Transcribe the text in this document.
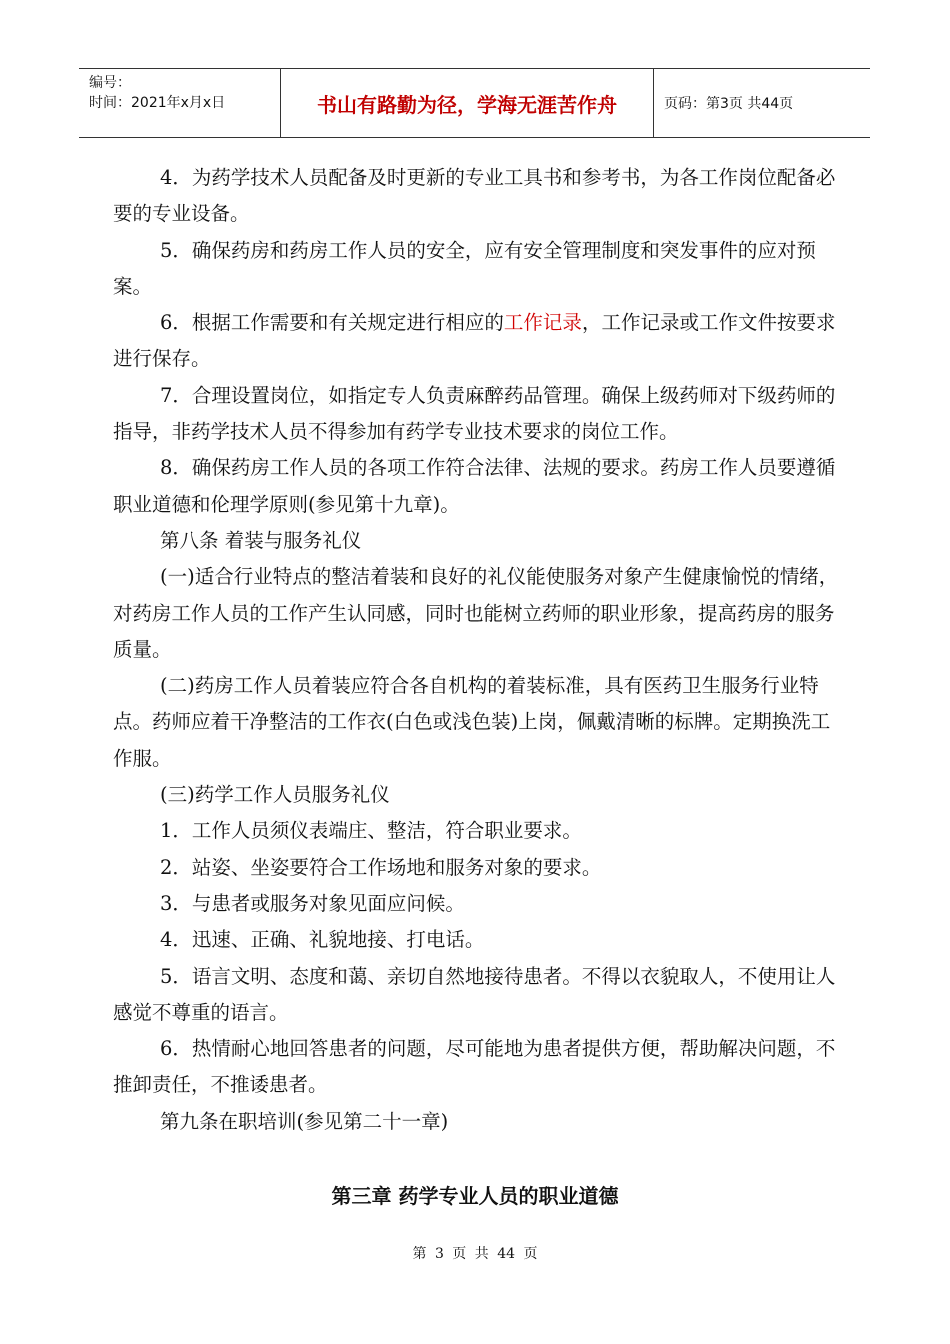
编号：
时间：2021年x月x日	书山有路勤为径，学海无涯苦作舟	页码：第3页 共44页

4．为药学技术人员配备及时更新的专业工具书和参考书，为各工作岗位配备必要的专业设备。

5．确保药房和药房工作人员的安全，应有安全管理制度和突发事件的应对预案。

6．根据工作需要和有关规定进行相应的工作记录，工作记录或工作文件按要求进行保存。

7．合理设置岗位，如指定专人负责麻醉药品管理。确保上级药师对下级药师的指导，非药学技术人员不得参加有药学专业技术要求的岗位工作。

8．确保药房工作人员的各项工作符合法律、法规的要求。药房工作人员要遵循职业道德和伦理学原则(参见第十九章)。

第八条 着装与服务礼仪

(一)适合行业特点的整洁着装和良好的礼仪能使服务对象产生健康愉悦的情绪，对药房工作人员的工作产生认同感，同时也能树立药师的职业形象，提高药房的服务质量。

(二)药房工作人员着装应符合各自机构的着装标准，具有医药卫生服务行业特点。药师应着干净整洁的工作衣(白色或浅色装)上岗，佩戴清晰的标牌。定期换洗工作服。

(三)药学工作人员服务礼仪

1．工作人员须仪表端庄、整洁，符合职业要求。

2．站姿、坐姿要符合工作场地和服务对象的要求。

3．与患者或服务对象见面应问候。

4．迅速、正确、礼貌地接、打电话。

5．语言文明、态度和蔼、亲切自然地接待患者。不得以衣貌取人，不使用让人感觉不尊重的语言。

6．热情耐心地回答患者的问题，尽可能地为患者提供方便，帮助解决问题，不推卸责任，不推诿患者。

第九条在职培训(参见第二十一章)

第三章 药学专业人员的职业道德
第 3 页 共 44 页
